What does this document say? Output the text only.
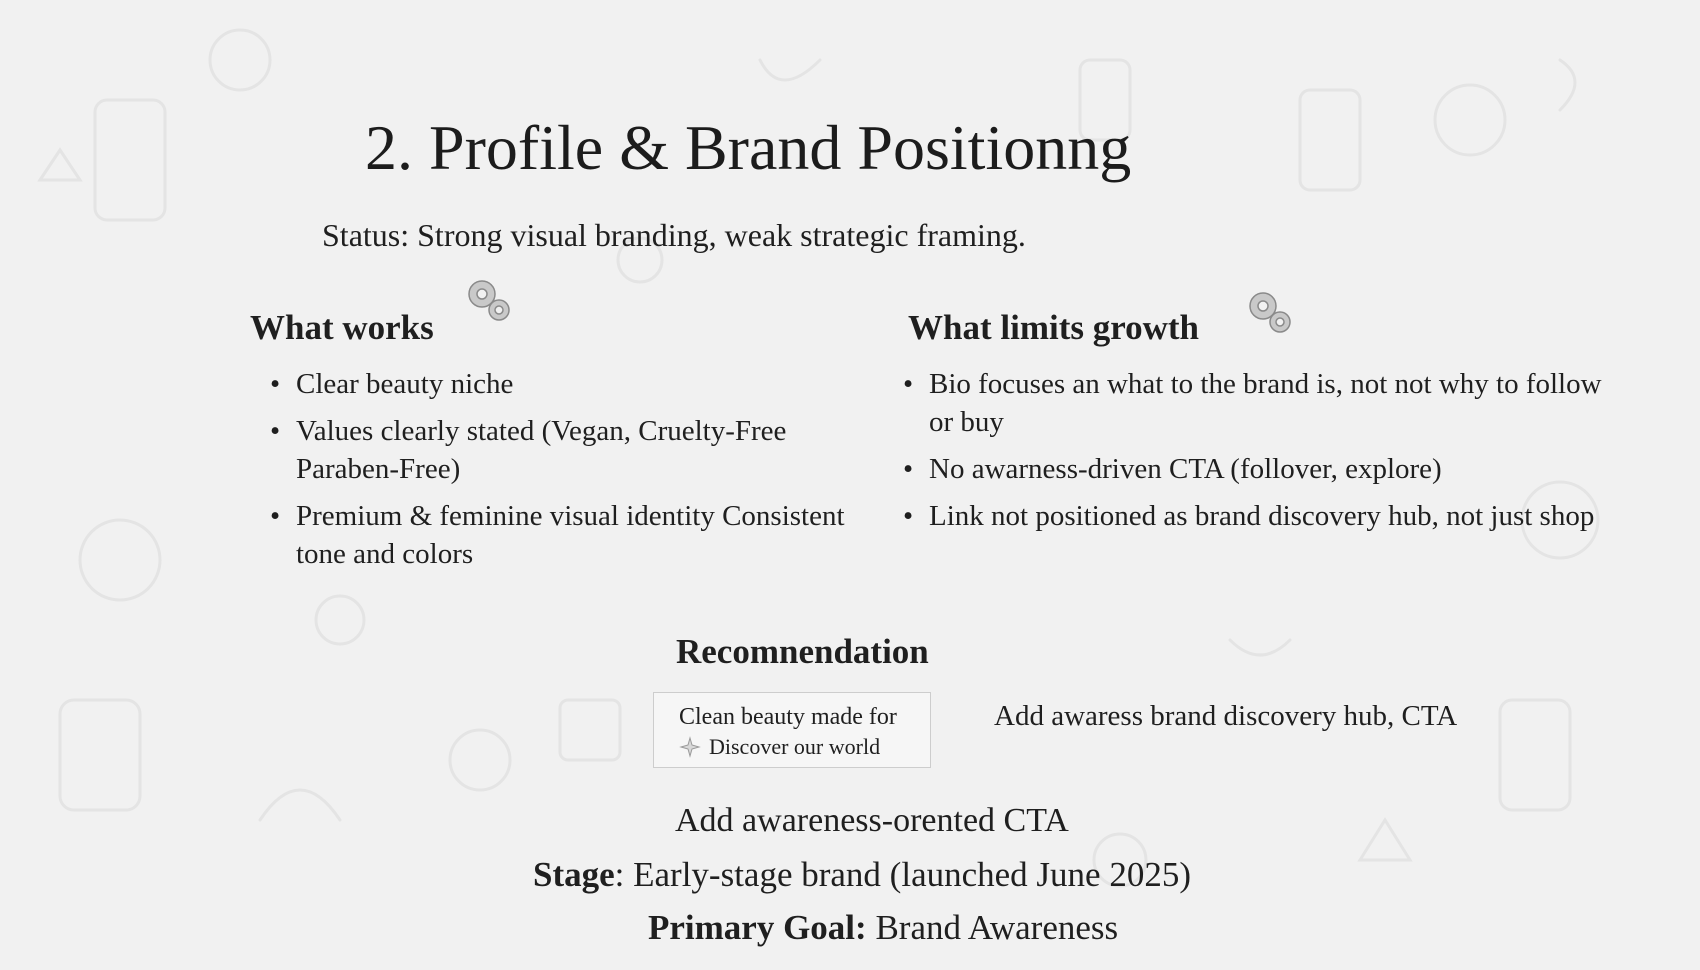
2. Profile & Brand Positionng
Status: Strong visual branding, weak strategic framing.
What works
• Clear beauty niche
• Values clearly stated (Vegan, Cruelty-Free Paraben-Free)
• Premium & feminine visual identity Consistent tone and colors
What limits growth
• Bio focuses an what to the brand is, not not why to follow or buy
• No awarness-driven CTA (follover, explore)
• Link not positioned as brand discovery hub, not just shop
Recomnendation
Clean beauty made for
Discover our world
Add awaress brand discovery hub, CTA
Add awareness-orented CTA
Stage: Early-stage brand (launched June 2025)
Primary Goal: Brand Awareness
